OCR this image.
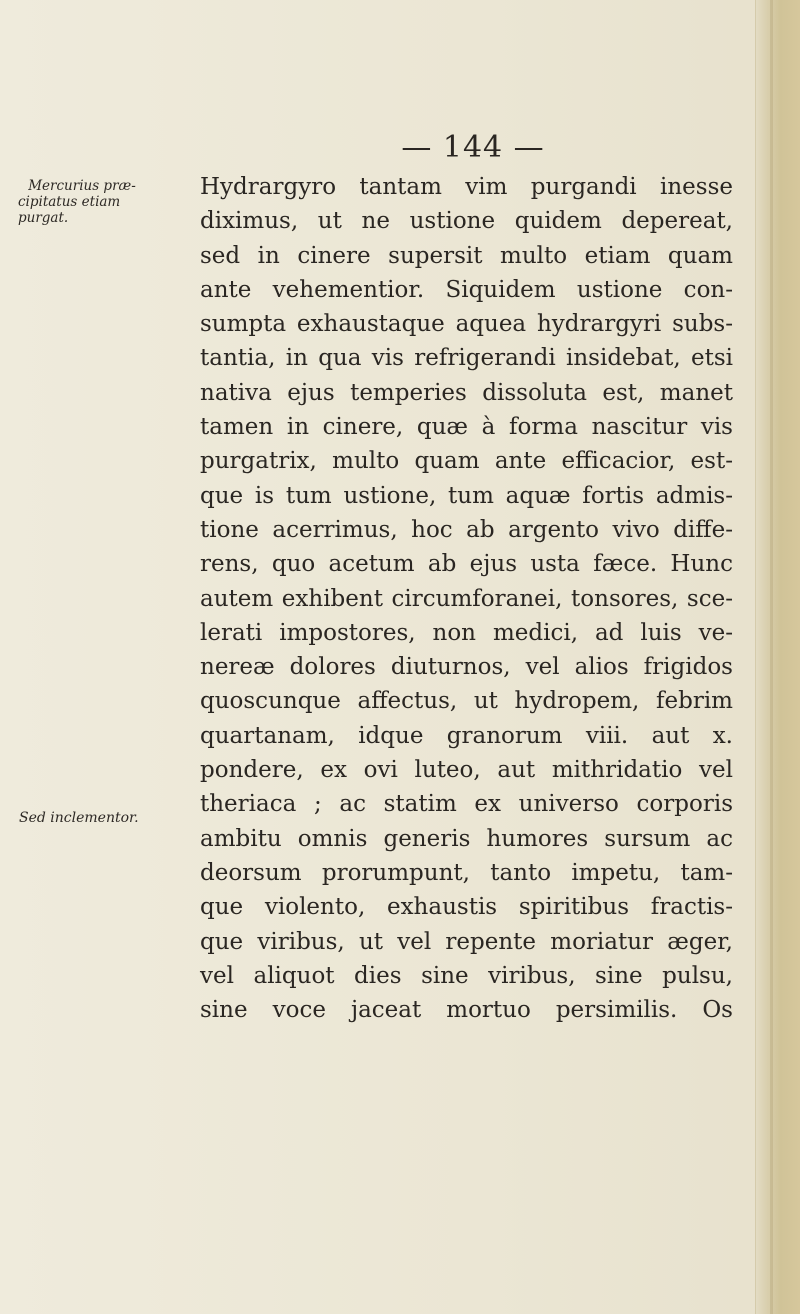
— 144 —
Mercurius præ-
cipitatus etiam
purgat.
Sed inclementor.
Hydrargyro tantam vim purgandi inesse
diximus, ut ne ustione quidem depereat,
sed in cinere supersit multo etiam quam
ante vehementior. Siquidem ustione con-
sumpta exhaustaque aquea hydrargyri subs-
tantia, in qua vis refrigerandi insidebat, etsi
nativa ejus temperies dissoluta est, manet
tamen in cinere, quæ à forma nascitur vis
purgatrix, multo quam ante efficacior, est-
que is tum ustione, tum aquæ fortis admis-
tione acerrimus, hoc ab argento vivo diffe-
rens, quo acetum ab ejus usta fæce. Hunc
autem exhibent circumforanei, tonsores, sce-
lerati impostores, non medici, ad luis ve-
nereæ dolores diuturnos, vel alios frigidos
quoscunque affectus, ut hydropem, febrim
quartanam, idque granorum viii. aut x.
pondere, ex ovi luteo, aut mithridatio vel
theriaca ; ac statim ex universo corporis
ambitu omnis generis humores sursum ac
deorsum prorumpunt, tanto impetu, tam-
que violento, exhaustis spiritibus fractis-
que viribus, ut vel repente moriatur æger,
vel aliquot dies sine viribus, sine pulsu,
sine voce jaceat mortuo persimilis. Os
